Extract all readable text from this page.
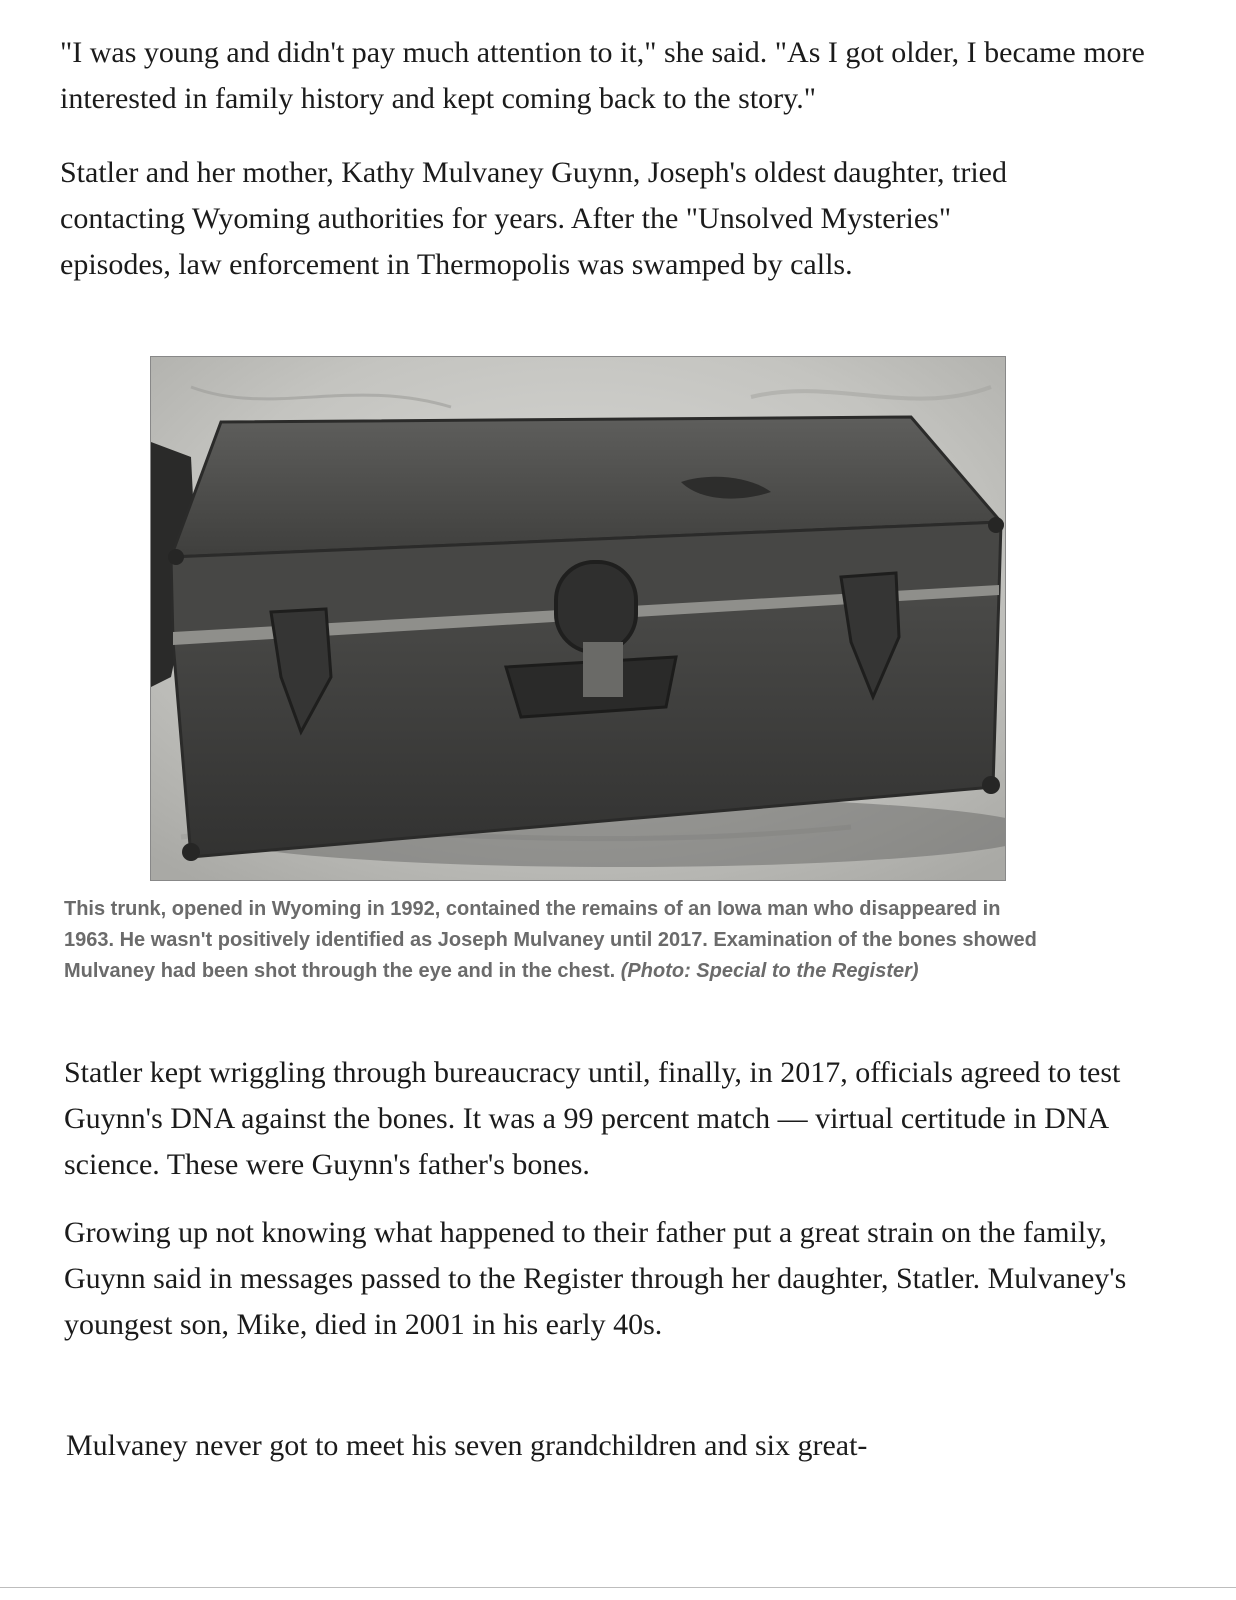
"I was young and didn't pay much attention to it," she said. "As I got older, I became more interested in family history and kept coming back to the story."

Statler and her mother, Kathy Mulvaney Guynn, Joseph's oldest daughter, tried contacting Wyoming authorities for years. After the "Unsolved Mysteries" episodes, law enforcement in Thermopolis was swamped by calls.

This trunk, opened in Wyoming in 1992, contained the remains of an Iowa man who disappeared in 1963. He wasn't positively identified as Joseph Mulvaney until 2017. Examination of the bones showed Mulvaney had been shot through the eye and in the chest. (Photo: Special to the Register)

Statler kept wriggling through bureaucracy until, finally, in 2017, officials agreed to test Guynn's DNA against the bones. It was a 99 percent match — virtual certitude in DNA science. These were Guynn's father's bones.

Growing up not knowing what happened to their father put a great strain on the family, Guynn said in messages passed to the Register through her daughter, Statler. Mulvaney's youngest son, Mike, died in 2001 in his early 40s.

Mulvaney never got to meet his seven grandchildren and six great-
